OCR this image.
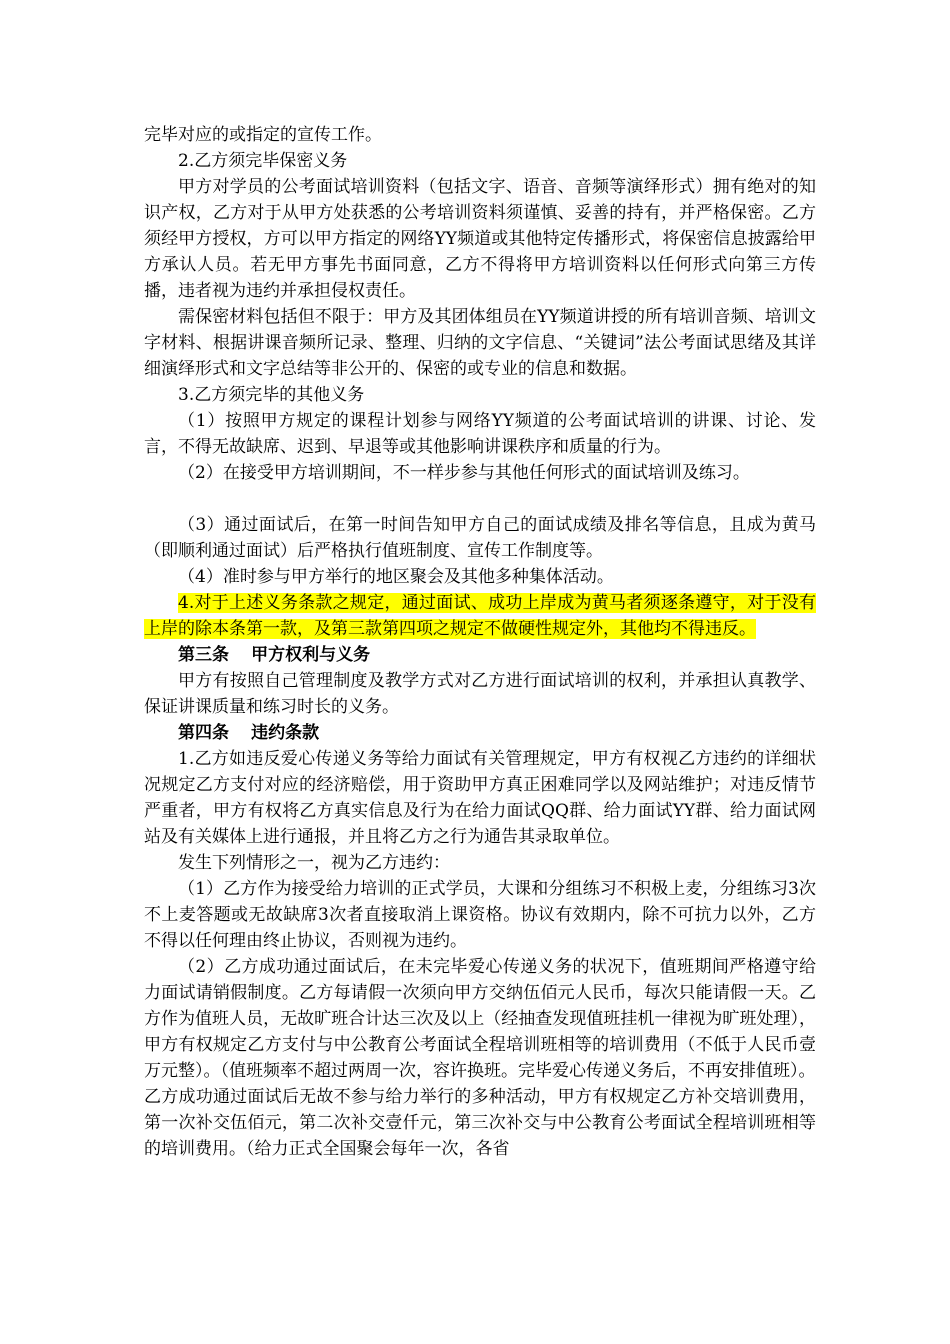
完毕对应的或指定的宣传工作。

2.乙方须完毕保密义务

甲方对学员的公考面试培训资料（包括文字、语音、音频等演绎形式）拥有绝对的知识产权，乙方对于从甲方处获悉的公考培训资料须谨慎、妥善的持有，并严格保密。乙方须经甲方授权，方可以甲方指定的网络YY频道或其他特定传播形式，将保密信息披露给甲方承认人员。若无甲方事先书面同意，乙方不得将甲方培训资料以任何形式向第三方传播，违者视为违约并承担侵权责任。

需保密材料包括但不限于：甲方及其团体组员在YY频道讲授的所有培训音频、培训文字材料、根据讲课音频所记录、整理、归纳的文字信息、“关键词”法公考面试思绪及其详细演绎形式和文字总结等非公开的、保密的或专业的信息和数据。

3.乙方须完毕的其他义务

（1）按照甲方规定的课程计划参与网络YY频道的公考面试培训的讲课、讨论、发言，不得无故缺席、迟到、早退等或其他影响讲课秩序和质量的行为。

（2）在接受甲方培训期间，不一样步参与其他任何形式的面试培训及练习。

（3）通过面试后，在第一时间告知甲方自己的面试成绩及排名等信息，且成为黄马（即顺利通过面试）后严格执行值班制度、宣传工作制度等。

（4）准时参与甲方举行的地区聚会及其他多种集体活动。

4.对于上述义务条款之规定，通过面试、成功上岸成为黄马者须逐条遵守，对于没有上岸的除本条第一款，及第三款第四项之规定不做硬性规定外，其他均不得违反。

第三条 甲方权利与义务

甲方有按照自己管理制度及教学方式对乙方进行面试培训的权利，并承担认真教学、保证讲课质量和练习时长的义务。

第四条 违约条款

1.乙方如违反爱心传递义务等给力面试有关管理规定，甲方有权视乙方违约的详细状况规定乙方支付对应的经济赔偿，用于资助甲方真正困难同学以及网站维护；对违反情节严重者，甲方有权将乙方真实信息及行为在给力面试QQ群、给力面试YY群、给力面试网站及有关媒体上进行通报，并且将乙方之行为通告其录取单位。

发生下列情形之一，视为乙方违约：

（1）乙方作为接受给力培训的正式学员，大课和分组练习不积极上麦，分组练习3次不上麦答题或无故缺席3次者直接取消上课资格。协议有效期内，除不可抗力以外，乙方不得以任何理由终止协议，否则视为违约。

（2）乙方成功通过面试后，在未完毕爱心传递义务的状况下，值班期间严格遵守给力面试请销假制度。乙方每请假一次须向甲方交纳伍佰元人民币，每次只能请假一天。乙方作为值班人员，无故旷班合计达三次及以上（经抽查发现值班挂机一律视为旷班处理），甲方有权规定乙方支付与中公教育公考面试全程培训班相等的培训费用（不低于人民币壹万元整）。（值班频率不超过两周一次，容许换班。完毕爱心传递义务后，不再安排值班）。

乙方成功通过面试后无故不参与给力举行的多种活动，甲方有权规定乙方补交培训费用，第一次补交伍佰元，第二次补交壹仟元，第三次补交与中公教育公考面试全程培训班相等的培训费用。（给力正式全国聚会每年一次，各省
